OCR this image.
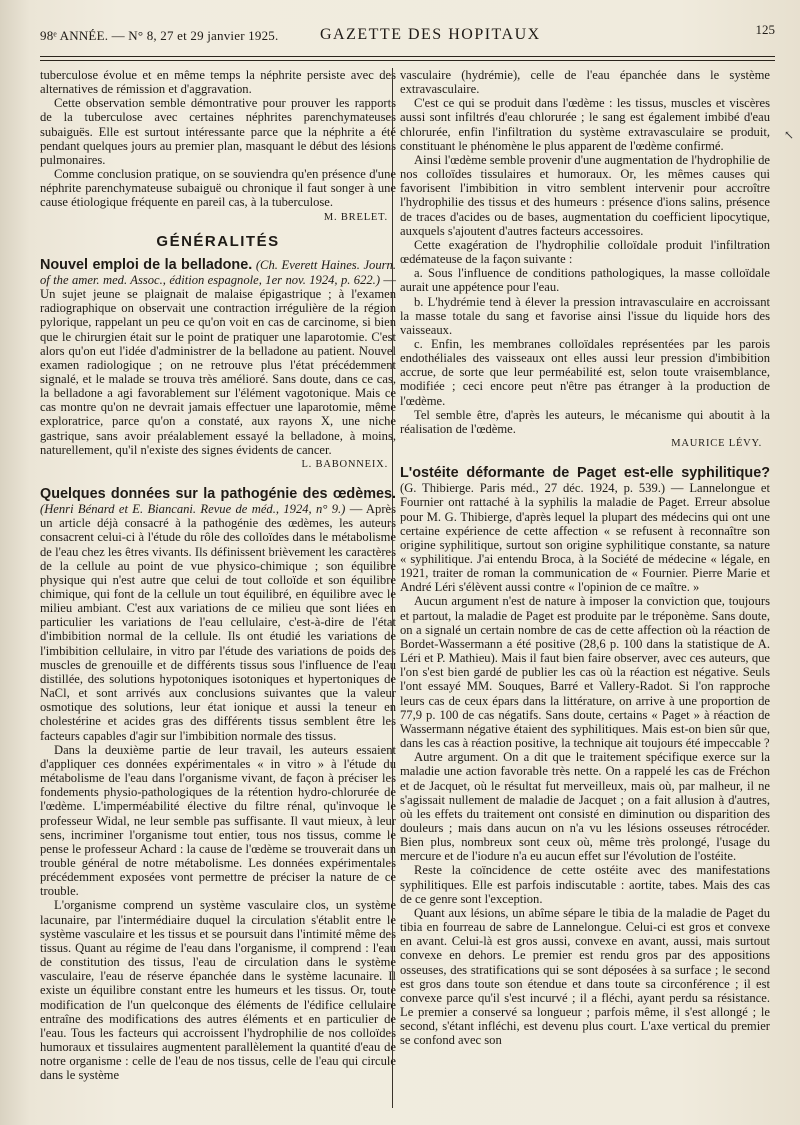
98ᵉ ANNÉE. — N° 8, 27 et 29 janvier 1925.	GAZETTE DES HOPITAUX	125

tuberculose évolue et en même temps la néphrite persiste avec des alternatives de rémission et d'aggravation.

Cette observation semble démontrative pour prouver les rapports de la tuberculose avec certaines néphrites parenchymateuses subaiguës. Elle est surtout intéressante parce que la néphrite a été pendant quelques jours au premier plan, masquant le début des lésions pulmonaires.

Comme conclusion pratique, on se souviendra qu'en présence d'une néphrite parenchymateuse subaiguë ou chronique il faut songer à une cause étiologique fréquente en pareil cas, à la tuberculose.

M. BRELET.

GÉNÉRALITÉS

Nouvel emploi de la belladone. (Ch. Everett Haines. Journ. of the amer. med. Assoc., édition espagnole, 1er nov. 1924, p. 622.) — Un sujet jeune se plaignait de malaise épigastrique ; à l'examen radiographique on observait une contraction irrégulière de la région pylorique, rappelant un peu ce qu'on voit en cas de carcinome, si bien que le chirurgien était sur le point de pratiquer une laparotomie. C'est alors qu'on eut l'idée d'administrer de la belladone au patient. Nouvel examen radiologique ; on ne retrouve plus l'état précédemment signalé, et le malade se trouva très amélioré. Sans doute, dans ce cas, la belladone a agi favorablement sur l'élément vagotonique. Mais ce cas montre qu'on ne devrait jamais effectuer une laparotomie, même exploratrice, parce qu'on a constaté, aux rayons X, une niche gastrique, sans avoir préalablement essayé la belladone, à moins, naturellement, qu'il n'existe des signes évidents de cancer.

L. BABONNEIX.

Quelques données sur la pathogénie des œdèmes. (Henri Bénard et E. Biancani. Revue de méd., 1924, n° 9.) — Après un article déjà consacré à la pathogénie des œdèmes, les auteurs consacrent celui-ci à l'étude du rôle des colloïdes dans le métabolisme de l'eau chez les êtres vivants. Ils définissent brièvement les caractères de la cellule au point de vue physico-chimique ; son équilibre physique qui n'est autre que celui de tout colloïde et son équilibre chimique, qui font de la cellule un tout équilibré, en équilibre avec le milieu ambiant. C'est aux variations de ce milieu que sont liées en particulier les variations de l'eau cellulaire, c'est-à-dire de l'état d'imbibition normal de la cellule. Ils ont étudié les variations de l'imbibition cellulaire, in vitro par l'étude des variations de poids des muscles de grenouille et de différents tissus sous l'influence de l'eau distillée, des solutions hypotoniques isotoniques et hypertoniques de NaCl, et sont arrivés aux conclusions suivantes que la valeur osmotique des solutions, leur état ionique et aussi la teneur en cholestérine et acides gras des différents tissus semblent être les facteurs capables d'agir sur l'imbibition normale des tissus.

Dans la deuxième partie de leur travail, les auteurs essaient d'appliquer ces données expérimentales « in vitro » à l'étude du métabolisme de l'eau dans l'organisme vivant, de façon à préciser les fondements physio-pathologiques de la rétention hydro-chlorurée de l'œdème. L'imperméabilité élective du filtre rénal, qu'invoque le professeur Widal, ne leur semble pas suffisante. Il vaut mieux, à leur sens, incriminer l'organisme tout entier, tous nos tissus, comme le pense le professeur Achard : la cause de l'œdème se trouverait dans un trouble général de notre métabolisme. Les données expérimentales précédemment exposées vont permettre de préciser la nature de ce trouble.

L'organisme comprend un système vasculaire clos, un système lacunaire, par l'intermédiaire duquel la circulation s'établit entre le système vasculaire et les tissus et se poursuit dans l'intimité même des tissus. Quant au régime de l'eau dans l'organisme, il comprend : l'eau de constitution des tissus, l'eau de circulation dans le système vasculaire, l'eau de réserve épanchée dans le système lacunaire. Il existe un équilibre constant entre les humeurs et les tissus. Or, toute modification de l'un quelconque des éléments de l'édifice cellulaire entraîne des modifications des autres éléments et en particulier de l'eau. Tous les facteurs qui accroissent l'hydrophilie de nos colloïdes humoraux et tissulaires augmentent parallèlement la quantité d'eau de notre organisme : celle de l'eau de nos tissus, celle de l'eau qui circule dans le système

vasculaire (hydrémie), celle de l'eau épanchée dans le système extravasculaire.

C'est ce qui se produit dans l'œdème : les tissus, muscles et viscères aussi sont infiltrés d'eau chlorurée ; le sang est également imbibé d'eau chlorurée, enfin l'infiltration du système extravasculaire se produit, constituant le phénomène le plus apparent de l'œdème confirmé.

Ainsi l'œdème semble provenir d'une augmentation de l'hydrophilie de nos colloïdes tissulaires et humoraux. Or, les mêmes causes qui favorisent l'imbibition in vitro semblent intervenir pour accroître l'hydrophilie des tissus et des humeurs : présence d'ions salins, présence de traces d'acides ou de bases, augmentation du coefficient lipocytique, auxquels s'ajoutent d'autres facteurs accessoires.

Cette exagération de l'hydrophilie colloïdale produit l'infiltration œdémateuse de la façon suivante :

a. Sous l'influence de conditions pathologiques, la masse colloïdale aurait une appétence pour l'eau.

b. L'hydrémie tend à élever la pression intravasculaire en accroissant la masse totale du sang et favorise ainsi l'issue du liquide hors des vaisseaux.

c. Enfin, les membranes colloïdales représentées par les parois endothéliales des vaisseaux ont elles aussi leur pression d'imbibition accrue, de sorte que leur perméabilité est, selon toute vraisemblance, modifiée ; ceci encore peut n'être pas étranger à la production de l'œdème.

Tel semble être, d'après les auteurs, le mécanisme qui aboutit à la réalisation de l'œdème.

MAURICE LÉVY.

L'ostéite déformante de Paget est-elle syphilitique? (G. Thibierge. Paris méd., 27 déc. 1924, p. 539.) — Lannelongue et Fournier ont rattaché à la syphilis la maladie de Paget. Erreur absolue pour M. G. Thibierge, d'après lequel la plupart des médecins qui ont une certaine expérience de cette affection « se refusent à reconnaître son origine syphilitique, surtout son origine syphilitique constante, sa nature « syphilitique. J'ai entendu Broca, à la Société de médecine « légale, en 1921, traiter de roman la communication de « Fournier. Pierre Marie et André Léri s'élèvent aussi contre « l'opinion de ce maître. »

Aucun argument n'est de nature à imposer la conviction que, toujours et partout, la maladie de Paget est produite par le tréponème. Sans doute, on a signalé un certain nombre de cas de cette affection où la réaction de Bordet-Wassermann a été positive (28,6 p. 100 dans la statistique de A. Léri et P. Mathieu). Mais il faut bien faire observer, avec ces auteurs, que l'on s'est bien gardé de publier les cas où la réaction est négative. Seuls l'ont essayé MM. Souques, Barré et Vallery-Radot. Si l'on rapproche leurs cas de ceux épars dans la littérature, on arrive à une proportion de 77,9 p. 100 de cas négatifs. Sans doute, certains « Paget » à réaction de Wassermann négative étaient des syphilitiques. Mais est-on bien sûr que, dans les cas à réaction positive, la technique ait toujours été impeccable ?

Autre argument. On a dit que le traitement spécifique exerce sur la maladie une action favorable très nette. On a rappelé les cas de Fréchon et de Jacquet, où le résultat fut merveilleux, mais où, par malheur, il ne s'agissait nullement de maladie de Jacquet ; on a fait allusion à d'autres, où les effets du traitement ont consisté en diminution ou disparition des douleurs ; mais dans aucun on n'a vu les lésions osseuses rétrocéder. Bien plus, nombreux sont ceux où, même très prolongé, l'usage du mercure et de l'iodure n'a eu aucun effet sur l'évolution de l'ostéite.

Reste la coïncidence de cette ostéite avec des manifestations syphilitiques. Elle est parfois indiscutable : aortite, tabes. Mais des cas de ce genre sont l'exception.

Quant aux lésions, un abîme sépare le tibia de la maladie de Paget du tibia en fourreau de sabre de Lannelongue. Celui-ci est gros et convexe en avant. Celui-là est gros aussi, convexe en avant, aussi, mais surtout convexe en dehors. Le premier est rendu gros par des appositions osseuses, des stratifications qui se sont déposées à sa surface ; le second est gros dans toute son étendue et dans toute sa circonférence ; il est convexe parce qu'il s'est incurvé ; il a fléchi, ayant perdu sa résistance. Le premier a conservé sa longueur ; parfois même, il s'est allongé ; le second, s'étant infléchi, est devenu plus court. L'axe vertical du premier se confond avec son

↖
